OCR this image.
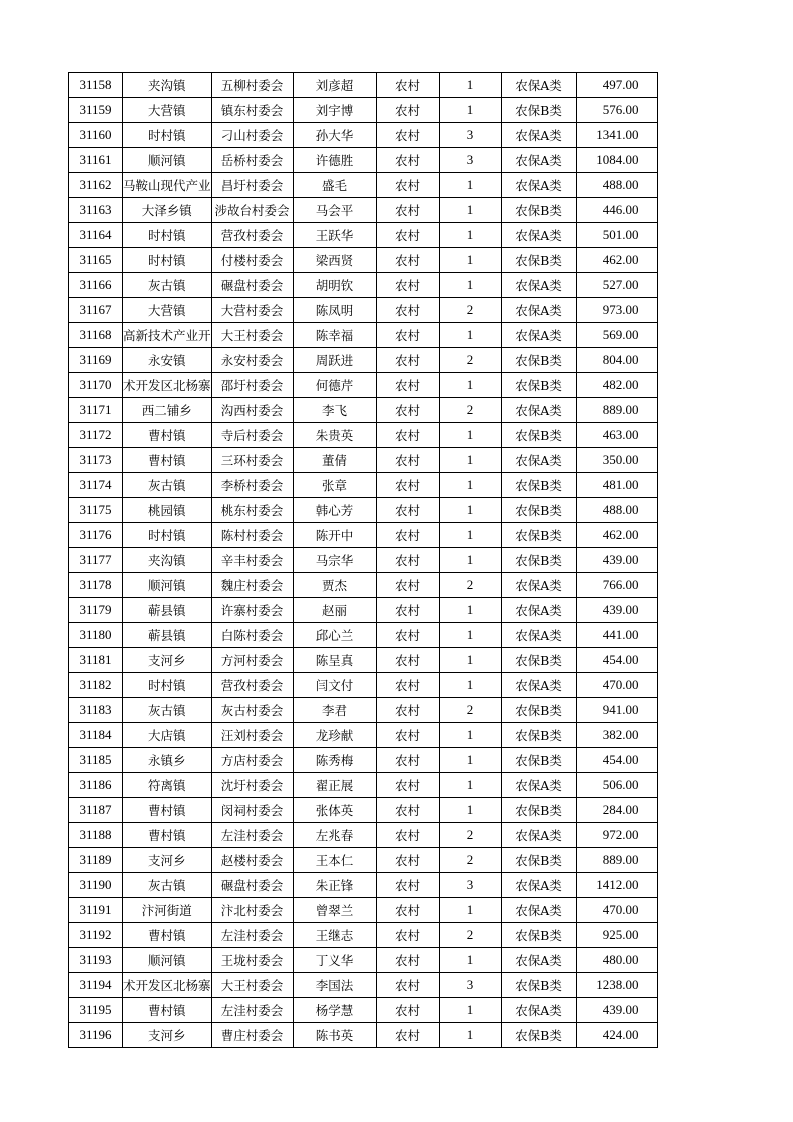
31158	夹沟镇	五柳村委会	刘彦超	农村	1	农保A类	497.00

31159	大营镇	镇东村委会	刘宇博	农村	1	农保B类	576.00

31160	时村镇	刁山村委会	孙大华	农村	3	农保A类	1341.00

31161	顺河镇	岳桥村委会	许德胜	农村	3	农保A类	1084.00

31162	马鞍山现代产业	昌圩村委会	盛毛	农村	1	农保A类	488.00

31163	大泽乡镇	涉故台村委会	马会平	农村	1	农保B类	446.00

31164	时村镇	营孜村委会	王跃华	农村	1	农保A类	501.00

31165	时村镇	付楼村委会	梁西贤	农村	1	农保B类	462.00

31166	灰古镇	碾盘村委会	胡明钦	农村	1	农保A类	527.00

31167	大营镇	大营村委会	陈凤明	农村	2	农保A类	973.00

31168	高新技术产业开	大王村委会	陈幸福	农村	1	农保A类	569.00

31169	永安镇	永安村委会	周跃进	农村	2	农保B类	804.00

31170	术开发区北杨寨	邵圩村委会	何德芹	农村	1	农保B类	482.00

31171	西二铺乡	沟西村委会	李飞	农村	2	农保A类	889.00

31172	曹村镇	寺后村委会	朱贵英	农村	1	农保B类	463.00

31173	曹村镇	三环村委会	董倩	农村	1	农保A类	350.00

31174	灰古镇	李桥村委会	张章	农村	1	农保B类	481.00

31175	桃园镇	桃东村委会	韩心芳	农村	1	农保B类	488.00

31176	时村镇	陈村村委会	陈开中	农村	1	农保B类	462.00

31177	夹沟镇	辛丰村委会	马宗华	农村	1	农保B类	439.00

31178	顺河镇	魏庄村委会	贾杰	农村	2	农保A类	766.00

31179	蕲县镇	许寨村委会	赵丽	农村	1	农保A类	439.00

31180	蕲县镇	白陈村委会	邱心兰	农村	1	农保A类	441.00

31181	支河乡	方河村委会	陈呈真	农村	1	农保B类	454.00

31182	时村镇	营孜村委会	闫文付	农村	1	农保A类	470.00

31183	灰古镇	灰古村委会	李君	农村	2	农保B类	941.00

31184	大店镇	汪刘村委会	龙珍献	农村	1	农保B类	382.00

31185	永镇乡	方店村委会	陈秀梅	农村	1	农保B类	454.00

31186	符离镇	沈圩村委会	翟正展	农村	1	农保A类	506.00

31187	曹村镇	闵祠村委会	张体英	农村	1	农保B类	284.00

31188	曹村镇	左洼村委会	左兆春	农村	2	农保A类	972.00

31189	支河乡	赵楼村委会	王本仁	农村	2	农保B类	889.00

31190	灰古镇	碾盘村委会	朱正锋	农村	3	农保A类	1412.00

31191	汴河街道	汴北村委会	曾翠兰	农村	1	农保A类	470.00

31192	曹村镇	左洼村委会	王继志	农村	2	农保B类	925.00

31193	顺河镇	王垅村委会	丁义华	农村	1	农保A类	480.00

31194	术开发区北杨寨	大王村委会	李国法	农村	3	农保B类	1238.00

31195	曹村镇	左洼村委会	杨学慧	农村	1	农保A类	439.00

31196	支河乡	曹庄村委会	陈书英	农村	1	农保B类	424.00
